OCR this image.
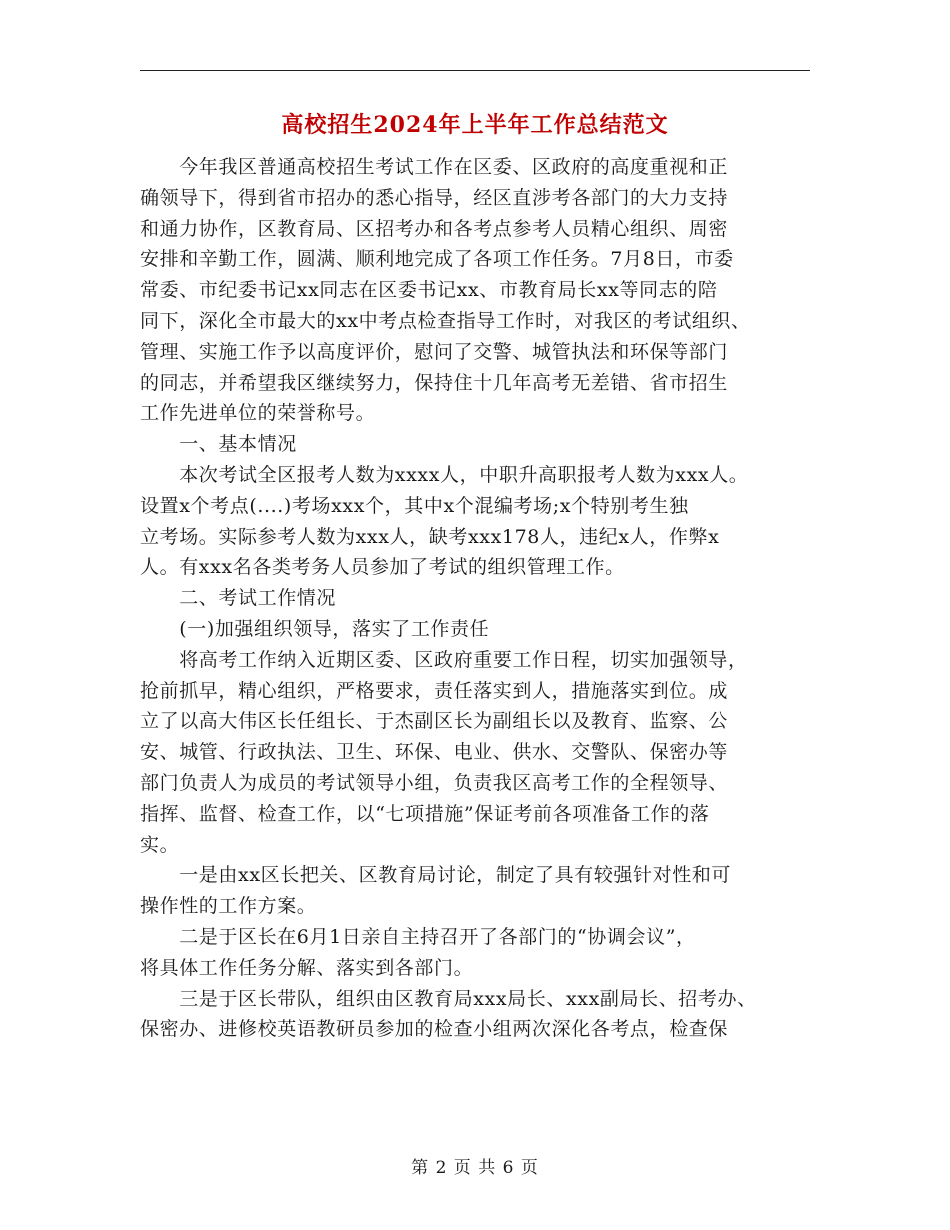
高校招生2024年上半年工作总结范文
　　今年我区普通高校招生考试工作在区委、区政府的高度重视和正
确领导下，得到省市招办的悉心指导，经区直涉考各部门的大力支持
和通力协作，区教育局、区招考办和各考点参考人员精心组织、周密
安排和辛勤工作，圆满、顺利地完成了各项工作任务。7月8日，市委
常委、市纪委书记xx同志在区委书记xx、市教育局长xx等同志的陪
同下，深化全市最大的xx中考点检查指导工作时，对我区的考试组织、
管理、实施工作予以高度评价，慰问了交警、城管执法和环保等部门
的同志，并希望我区继续努力，保持住十几年高考无差错、省市招生
工作先进单位的荣誉称号。
　　一、基本情况
　　本次考试全区报考人数为xxxx人，中职升高职报考人数为xxx人。
设置x个考点(....)考场xxx个，其中x个混编考场;x个特别考生独
立考场。实际参考人数为xxx人，缺考xxx178人，违纪x人，作弊x
人。有xxx名各类考务人员参加了考试的组织管理工作。
　　二、考试工作情况
　　(一)加强组织领导，落实了工作责任
　　将高考工作纳入近期区委、区政府重要工作日程，切实加强领导，
抢前抓早，精心组织，严格要求，责任落实到人，措施落实到位。成
立了以高大伟区长任组长、于杰副区长为副组长以及教育、监察、公
安、城管、行政执法、卫生、环保、电业、供水、交警队、保密办等
部门负责人为成员的考试领导小组，负责我区高考工作的全程领导、
指挥、监督、检查工作，以“七项措施”保证考前各项准备工作的落
实。
　　一是由xx区长把关、区教育局讨论，制定了具有较强针对性和可
操作性的工作方案。
　　二是于区长在6月1日亲自主持召开了各部门的“协调会议”，
将具体工作任务分解、落实到各部门。
　　三是于区长带队，组织由区教育局xxx局长、xxx副局长、招考办、
保密办、进修校英语教研员参加的检查小组两次深化各考点，检查保
第 2 页 共 6 页
